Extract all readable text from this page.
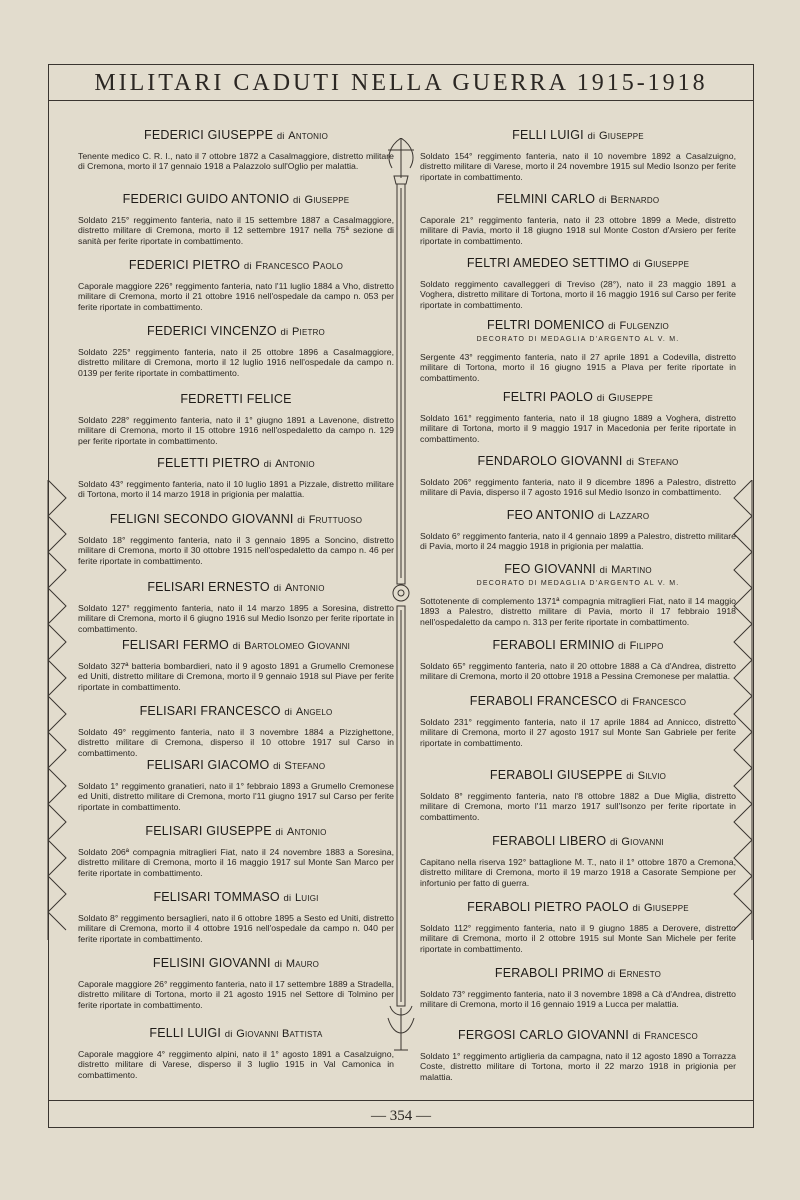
MILITARI CADUTI NELLA GUERRA 1915-1918
FEDERICI GIUSEPPE di Antonio
Tenente medico C. R. I., nato il 7 ottobre 1872 a Casalmaggiore, distretto militare di Cremona, morto il 17 gennaio 1918 a Palazzolo sull'Oglio per malattia.
FEDERICI GUIDO ANTONIO di Giuseppe
Soldato 215° reggimento fanteria, nato il 15 settembre 1887 a Casalmaggiore, distretto militare di Cremona, morto il 12 settembre 1917 nella 75ª sezione di sanità per ferite riportate in combattimento.
FEDERICI PIETRO di Francesco Paolo
Caporale maggiore 226° reggimento fanteria, nato l'11 luglio 1884 a Vho, distretto militare di Cremona, morto il 21 ottobre 1916 nell'ospedale da campo n. 053 per ferite riportate in combattimento.
FEDERICI VINCENZO di Pietro
Soldato 225° reggimento fanteria, nato il 25 ottobre 1896 a Casalmaggiore, distretto militare di Cremona, morto il 12 luglio 1916 nell'ospedale da campo n. 0139 per ferite riportate in combattimento.
FEDRETTI FELICE
Soldato 228° reggimento fanteria, nato il 1° giugno 1891 a Lavenone, distretto militare di Cremona, morto il 15 ottobre 1916 nell'ospedaletto da campo n. 129 per ferite riportate in combattimento.
FELETTI PIETRO di Antonio
Soldato 43° reggimento fanteria, nato il 10 luglio 1891 a Pizzale, distretto militare di Tortona, morto il 14 marzo 1918 in prigionia per malattia.
FELIGNI SECONDO GIOVANNI di Fruttuoso
Soldato 18° reggimento fanteria, nato il 3 gennaio 1895 a Soncino, distretto militare di Cremona, morto il 30 ottobre 1915 nell'ospedaletto da campo n. 46 per ferite riportate in combattimento.
FELISARI ERNESTO di Antonio
Soldato 127° reggimento fanteria, nato il 14 marzo 1895 a Soresina, distretto militare di Cremona, morto il 6 giugno 1916 sul Medio Isonzo per ferite riportate in combattimento.
FELISARI FERMO di Bartolomeo Giovanni
Soldato 327ª batteria bombardieri, nato il 9 agosto 1891 a Grumello Cremonese ed Uniti, distretto militare di Cremona, morto il 9 gennaio 1918 sul Piave per ferite riportate in combattimento.
FELISARI FRANCESCO di Angelo
Soldato 49° reggimento fanteria, nato il 3 novembre 1884 a Pizzighettone, distretto militare di Cremona, disperso il 10 ottobre 1917 sul Carso in combattimento.
FELISARI GIACOMO di Stefano
Soldato 1° reggimento granatieri, nato il 1° febbraio 1893 a Grumello Cremonese ed Uniti, distretto militare di Cremona, morto l'11 giugno 1917 sul Carso per ferite riportate in combattimento.
FELISARI GIUSEPPE di Antonio
Soldato 206ª compagnia mitraglieri Fiat, nato il 24 novembre 1883 a Soresina, distretto militare di Cremona, morto il 16 maggio 1917 sul Monte San Marco per ferite riportate in combattimento.
FELISARI TOMMASO di Luigi
Soldato 8° reggimento bersaglieri, nato il 6 ottobre 1895 a Sesto ed Uniti, distretto militare di Cremona, morto il 4 ottobre 1916 nell'ospedale da campo n. 040 per ferite riportate in combattimento.
FELISINI GIOVANNI di Mauro
Caporale maggiore 26° reggimento fanteria, nato il 17 settembre 1889 a Stradella, distretto militare di Tortona, morto il 21 agosto 1915 nel Settore di Tolmino per ferite riportate in combattimento.
FELLI LUIGI di Giovanni Battista
Caporale maggiore 4° reggimento alpini, nato il 1° agosto 1891 a Casalzuigno, distretto militare di Varese, disperso il 3 luglio 1915 in Val Camonica in combattimento.
FELLI LUIGI di Giuseppe
Soldato 154° reggimento fanteria, nato il 10 novembre 1892 a Casalzuigno, distretto militare di Varese, morto il 24 novembre 1915 sul Medio Isonzo per ferite riportate in combattimento.
FELMINI CARLO di Bernardo
Caporale 21° reggimento fanteria, nato il 23 ottobre 1899 a Mede, distretto militare di Pavia, morto il 18 giugno 1918 sul Monte Coston d'Arsiero per ferite riportate in combattimento.
FELTRI AMEDEO SETTIMO di Giuseppe
Soldato reggimento cavalleggeri di Treviso (28°), nato il 23 maggio 1891 a Voghera, distretto militare di Tortona, morto il 16 maggio 1916 sul Carso per ferite riportate in combattimento.
FELTRI DOMENICO di Fulgenzio
DECORATO DI MEDAGLIA D'ARGENTO AL V. M.
Sergente 43° reggimento fanteria, nato il 27 aprile 1891 a Codevilla, distretto militare di Tortona, morto il 16 giugno 1915 a Plava per ferite riportate in combattimento.
FELTRI PAOLO di Giuseppe
Soldato 161° reggimento fanteria, nato il 18 giugno 1889 a Voghera, distretto militare di Tortona, morto il 9 maggio 1917 in Macedonia per ferite riportate in combattimento.
FENDAROLO GIOVANNI di Stefano
Soldato 206° reggimento fanteria, nato il 9 dicembre 1896 a Palestro, distretto militare di Pavia, disperso il 7 agosto 1916 sul Medio Isonzo in combattimento.
FEO ANTONIO di Lazzaro
Soldato 6° reggimento fanteria, nato il 4 gennaio 1899 a Palestro, distretto militare di Pavia, morto il 24 maggio 1918 in prigionia per malattia.
FEO GIOVANNI di Martino
DECORATO DI MEDAGLIA D'ARGENTO AL V. M.
Sottotenente di complemento 1371ª compagnia mitraglieri Fiat, nato il 14 maggio 1893 a Palestro, distretto militare di Pavia, morto il 17 febbraio 1918 nell'ospedaletto da campo n. 313 per ferite riportate in combattimento.
FERABOLI ERMINIO di Filippo
Soldato 65° reggimento fanteria, nato il 20 ottobre 1888 a Cà d'Andrea, distretto militare di Cremona, morto il 20 ottobre 1918 a Pessina Cremonese per malattia.
FERABOLI FRANCESCO di Francesco
Soldato 231° reggimento fanteria, nato il 17 aprile 1884 ad Annicco, distretto militare di Cremona, morto il 27 agosto 1917 sul Monte San Gabriele per ferite riportate in combattimento.
FERABOLI GIUSEPPE di Silvio
Soldato 8° reggimento fanteria, nato l'8 ottobre 1882 a Due Miglia, distretto militare di Cremona, morto l'11 marzo 1917 sull'Isonzo per ferite riportate in combattimento.
FERABOLI LIBERO di Giovanni
Capitano nella riserva 192° battaglione M. T., nato il 1° ottobre 1870 a Cremona, distretto militare di Cremona, morto il 19 marzo 1918 a Casorate Sempione per infortunio per fatto di guerra.
FERABOLI PIETRO PAOLO di Giuseppe
Soldato 112° reggimento fanteria, nato il 9 giugno 1885 a Derovere, distretto militare di Cremona, morto il 2 ottobre 1915 sul Monte San Michele per ferite riportate in combattimento.
FERABOLI PRIMO di Ernesto
Soldato 73° reggimento fanteria, nato il 3 novembre 1898 a Cà d'Andrea, distretto militare di Cremona, morto il 16 gennaio 1919 a Lucca per malattia.
FERGOSI CARLO GIOVANNI di Francesco
Soldato 1° reggimento artiglieria da campagna, nato il 12 agosto 1890 a Torrazza Coste, distretto militare di Tortona, morto il 22 marzo 1918 in prigionia per malattia.
— 354 —
